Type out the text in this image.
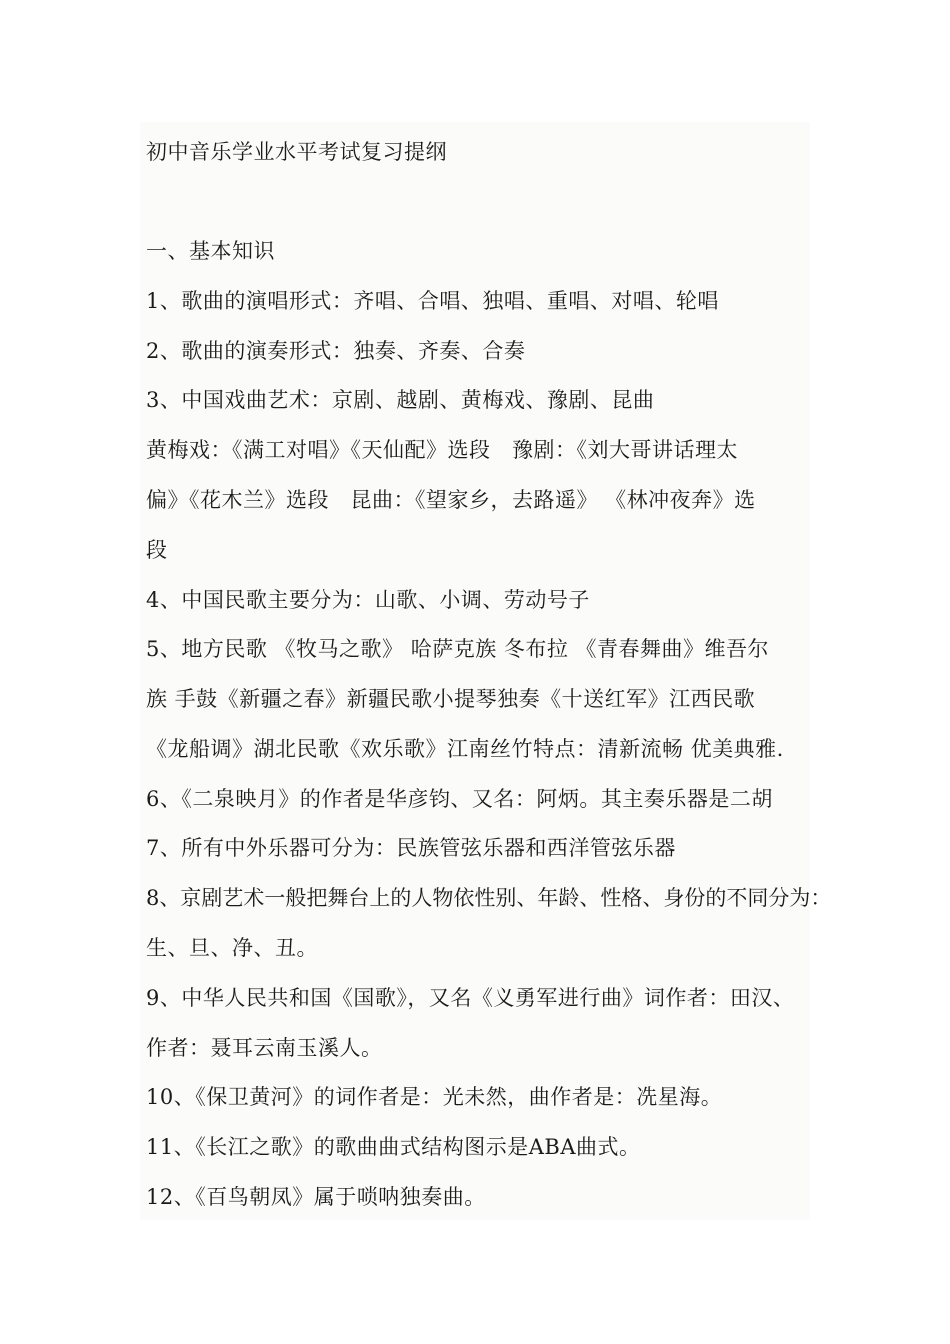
初中音乐学业水平考试复习提纲
一、基本知识
1、歌曲的演唱形式：齐唱、合唱、独唱、重唱、对唱、轮唱
2、歌曲的演奏形式：独奏、齐奏、合奏
3、中国戏曲艺术：京剧、越剧、黄梅戏、豫剧、昆曲
黄梅戏：《满工对唱》《天仙配》选段　豫剧：《刘大哥讲话理太
偏》《花木兰》选段　昆曲：《望家乡，去路遥》 《林冲夜奔》选
段
4、中国民歌主要分为：山歌、小调、劳动号子
5、地方民歌 《牧马之歌》 哈萨克族 冬布拉 《青春舞曲》维吾尔
族 手鼓《新疆之春》新疆民歌小提琴独奏《十送红军》江西民歌
《龙船调》湖北民歌《欢乐歌》江南丝竹特点：清新流畅 优美典雅.
6、《二泉映月》的作者是华彦钧、又名：阿炳。其主奏乐器是二胡
7、所有中外乐器可分为：民族管弦乐器和西洋管弦乐器
8、京剧艺术一般把舞台上的人物依性别、年龄、性格、身份的不同分为：
生、旦、净、丑。
9、中华人民共和国《国歌》，又名《义勇军进行曲》词作者：田汉、
作者：聂耳云南玉溪人。
10、《保卫黄河》的词作者是：光未然，曲作者是：冼星海。
11、《长江之歌》的歌曲曲式结构图示是ABA曲式。
12、《百鸟朝凤》属于唢呐独奏曲。
